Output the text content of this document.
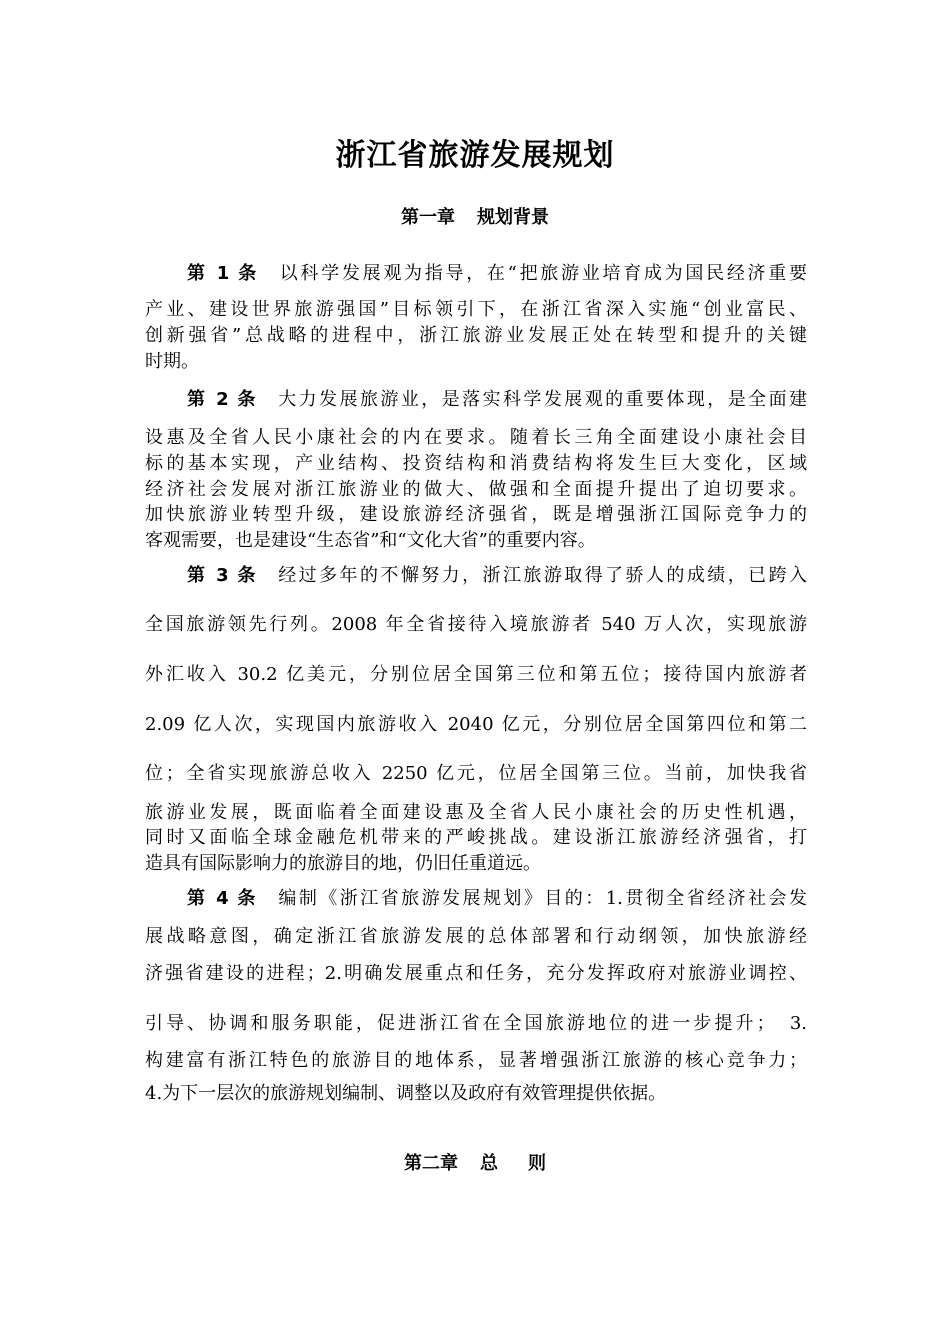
浙江省旅游发展规划
第一章 规划背景
第 1 条 以科学发展观为指导，在“把旅游业培育成为国民经济重要
产业、建设世界旅游强国”目标领引下，在浙江省深入实施“创业富民、
创新强省”总战略的进程中，浙江旅游业发展正处在转型和提升的关键
时期。
第 2 条 大力发展旅游业，是落实科学发展观的重要体现，是全面建
设惠及全省人民小康社会的内在要求。随着长三角全面建设小康社会目
标的基本实现，产业结构、投资结构和消费结构将发生巨大变化，区域
经济社会发展对浙江旅游业的做大、做强和全面提升提出了迫切要求。
加快旅游业转型升级，建设旅游经济强省，既是增强浙江国际竞争力的
客观需要，也是建设“生态省”和“文化大省”的重要内容。
第 3 条 经过多年的不懈努力，浙江旅游取得了骄人的成绩，已跨入
全国旅游领先行列。2008 年全省接待入境旅游者 540 万人次，实现旅游
外汇收入 30.2 亿美元，分别位居全国第三位和第五位；接待国内旅游者
2.09 亿人次，实现国内旅游收入 2040 亿元，分别位居全国第四位和第二
位；全省实现旅游总收入 2250 亿元，位居全国第三位。当前，加快我省
旅游业发展，既面临着全面建设惠及全省人民小康社会的历史性机遇，
同时又面临全球金融危机带来的严峻挑战。建设浙江旅游经济强省，打
造具有国际影响力的旅游目的地，仍旧任重道远。
第 4 条 编制《浙江省旅游发展规划》目的：1.贯彻全省经济社会发
展战略意图，确定浙江省旅游发展的总体部署和行动纲领，加快旅游经
济强省建设的进程；2.明确发展重点和任务，充分发挥政府对旅游业调控、
引导、协调和服务职能，促进浙江省在全国旅游地位的进一步提升；　3.
构建富有浙江特色的旅游目的地体系，显著增强浙江旅游的核心竞争力；
4.为下一层次的旅游规划编制、调整以及政府有效管理提供依据。
第二章 总 则
